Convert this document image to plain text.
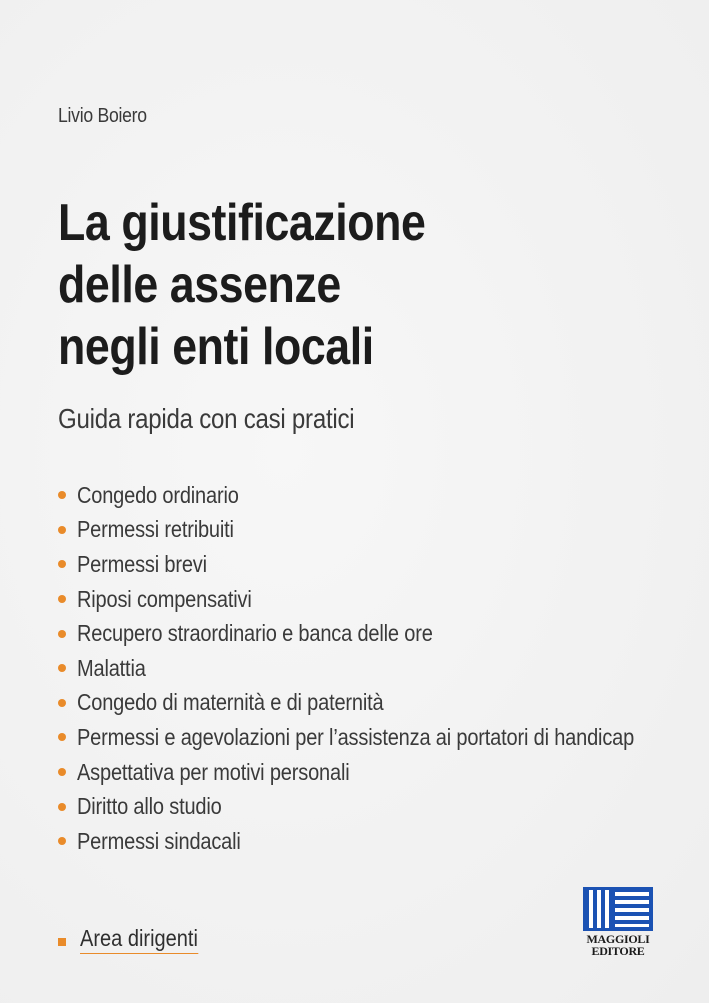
Livio Boiero
La giustificazione
delle assenze
negli enti locali
Guida rapida con casi pratici
Congedo ordinario
Permessi retribuiti
Permessi brevi
Riposi compensativi
Recupero straordinario e banca delle ore
Malattia
Congedo di maternità e di paternità
Permessi e agevolazioni per l’assistenza ai portatori di handicap
Aspettativa per motivi personali
Diritto allo studio
Permessi sindacali
Area dirigenti	MAGGIOLI
EDITORE
